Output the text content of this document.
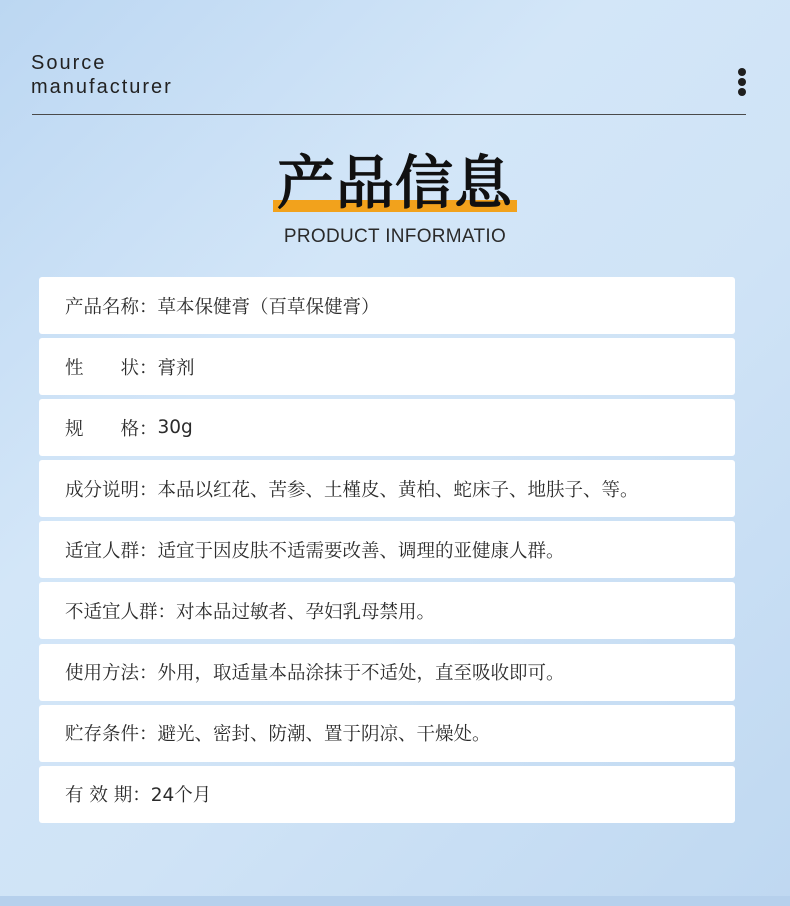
Source
manufacturer
产品信息
PRODUCT INFORMATIO
产品名称： 草本保健膏（百草保健膏）
性　　状： 膏剂
规　　格： 30g
成分说明： 本品以红花、苦参、土槿皮、黄柏、蛇床子、地肤子、等。
适宜人群： 适宜于因皮肤不适需要改善、调理的亚健康人群。
不适宜人群： 对本品过敏者、孕妇乳母禁用。
使用方法： 外用，取适量本品涂抹于不适处，直至吸收即可。
贮存条件： 避光、密封、防潮、置于阴凉、干燥处。
有 效 期： 24个月
